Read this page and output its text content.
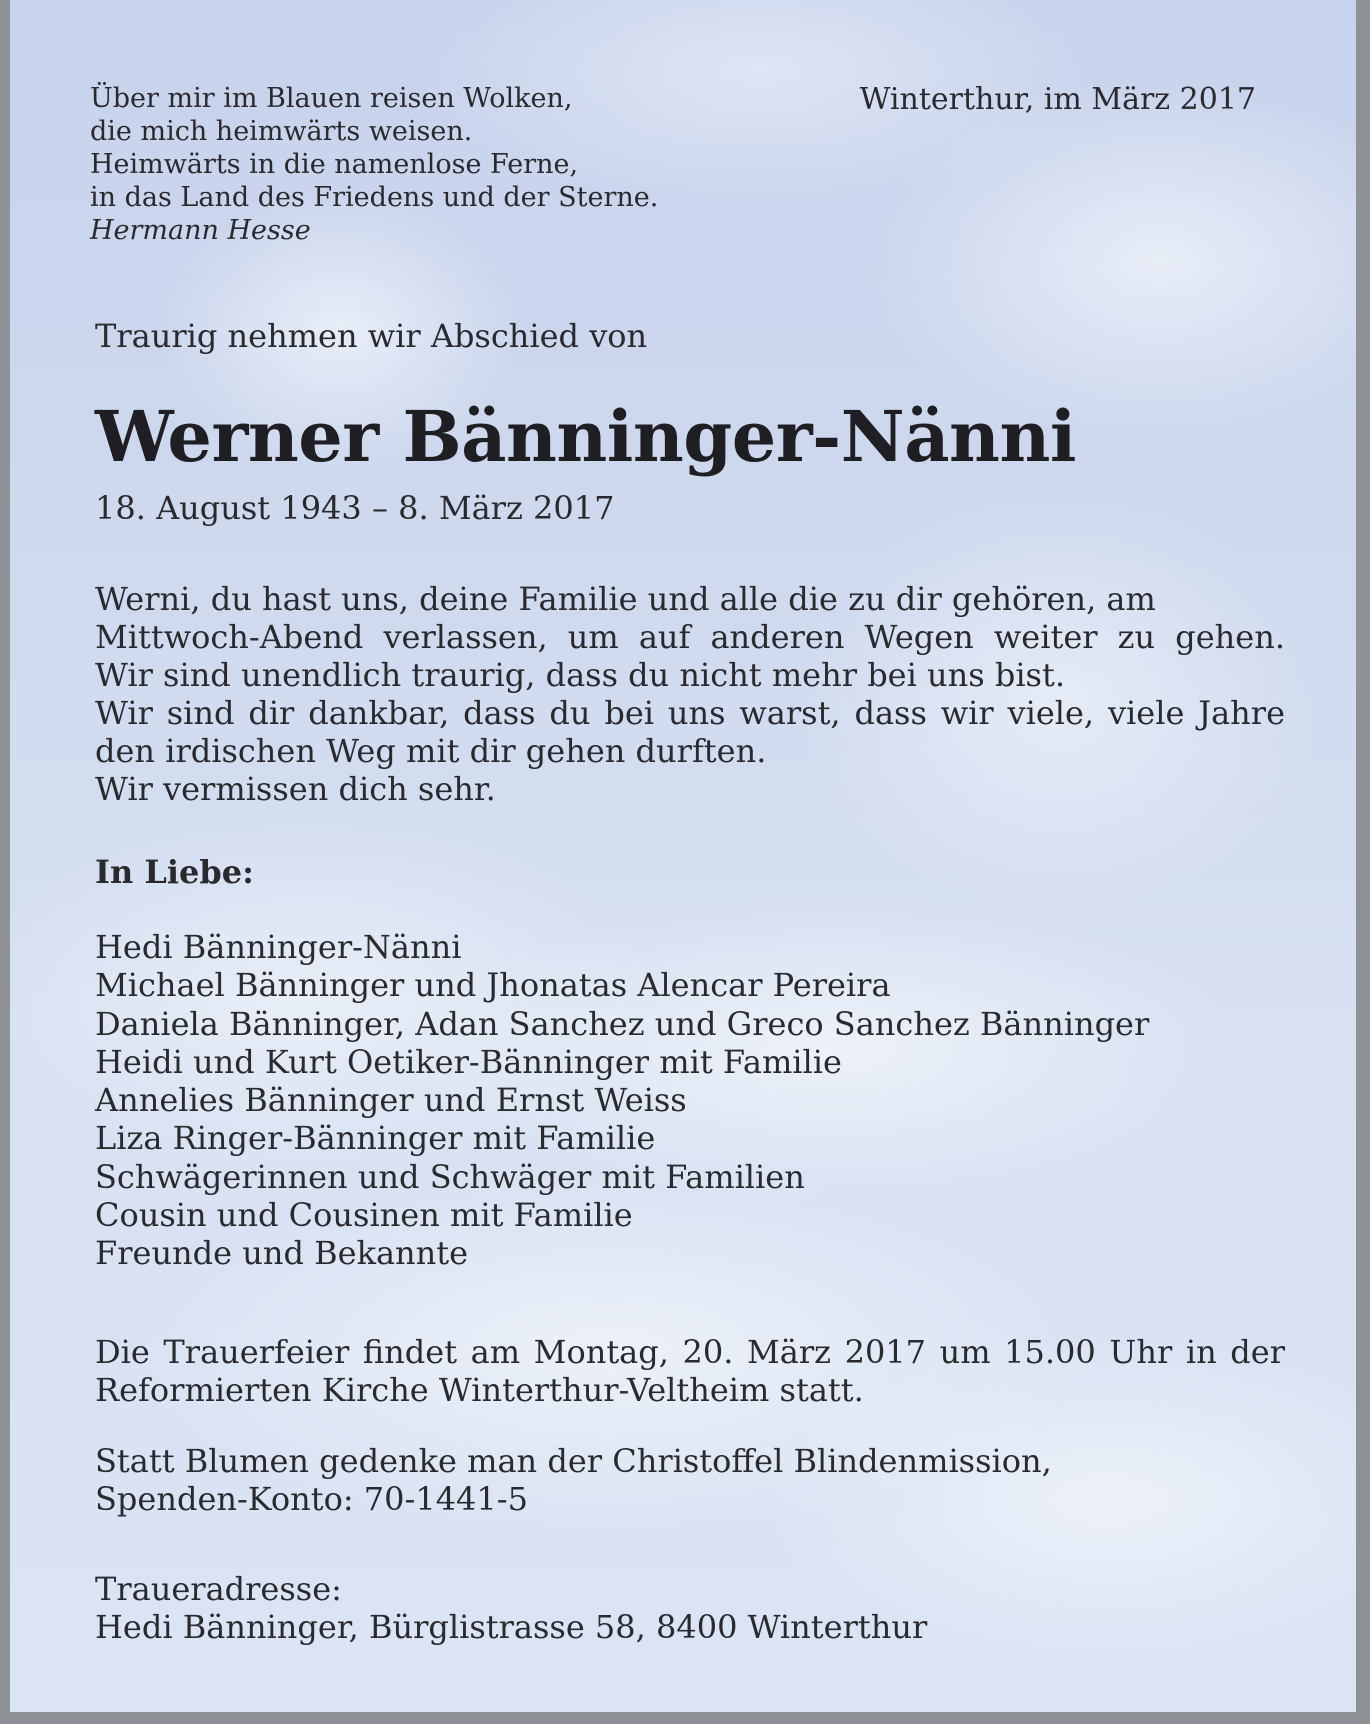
Über mir im Blauen reisen Wolken,
die mich heimwärts weisen.
Heimwärts in die namenlose Ferne,
in das Land des Friedens und der Sterne.
Hermann Hesse
Winterthur, im März 2017
Traurig nehmen wir Abschied von
Werner Bänninger-Nänni
18. August 1943 – 8. März 2017
Werni, du hast uns, deine Familie und alle die zu dir gehören, am
Mittwoch-Abend verlassen, um auf anderen Wegen weiter zu gehen.
Wir sind unendlich traurig, dass du nicht mehr bei uns bist.
Wir sind dir dankbar, dass du bei uns warst, dass wir viele, viele Jahre
den irdischen Weg mit dir gehen durften.
Wir vermissen dich sehr.
In Liebe:
Hedi Bänninger-Nänni
Michael Bänninger und Jhonatas Alencar Pereira
Daniela Bänninger, Adan Sanchez und Greco Sanchez Bänninger
Heidi und Kurt Oetiker-Bänninger mit Familie
Annelies Bänninger und Ernst Weiss
Liza Ringer-Bänninger mit Familie
Schwägerinnen und Schwäger mit Familien
Cousin und Cousinen mit Familie
Freunde und Bekannte
Die Trauerfeier findet am Montag, 20. März 2017 um 15.00 Uhr in der
Reformierten Kirche Winterthur-Veltheim statt.
Statt Blumen gedenke man der Christoffel Blindenmission,
Spenden-Konto: 70-1441-5
Traueradresse:
Hedi Bänninger, Bürglistrasse 58, 8400 Winterthur
